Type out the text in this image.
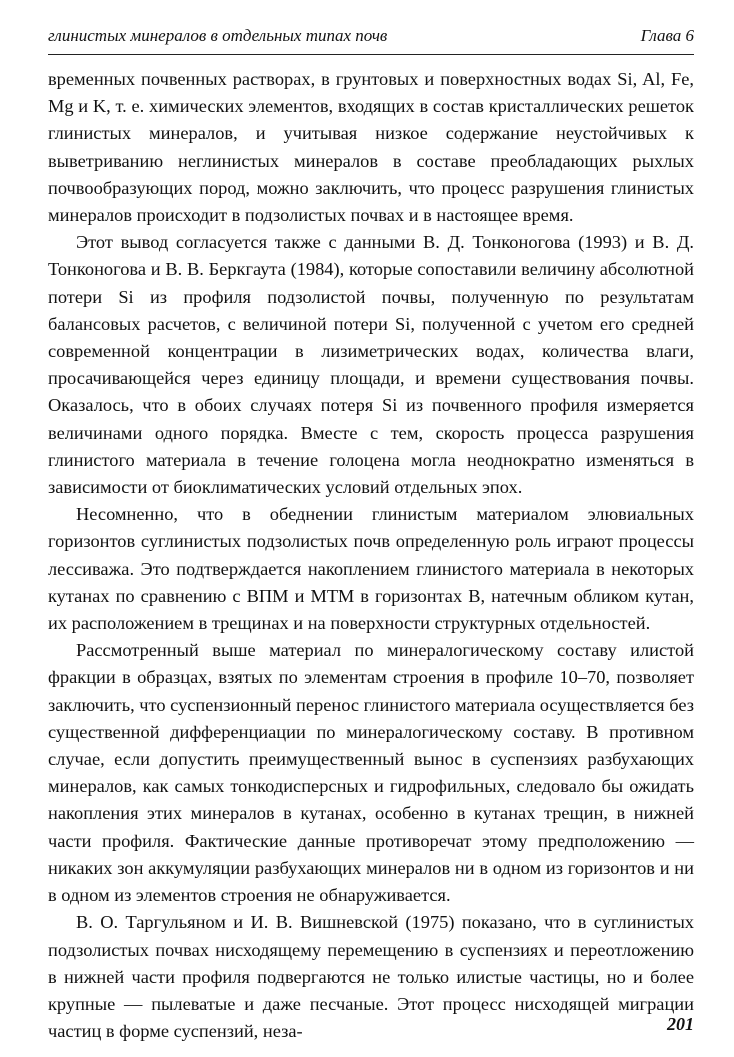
глинистых минералов в отдельных типах почв	Глава 6

временных почвенных растворах, в грунтовых и поверхностных водах Si, Al, Fe, Mg и K, т. е. химических элементов, входящих в состав кристаллических решеток глинистых минералов, и учитывая низкое содержание неустойчивых к выветриванию неглинистых минералов в составе преобладающих рыхлых почвообразующих пород, можно заключить, что процесс разрушения глинистых минералов происходит в подзолистых почвах и в настоящее время.

Этот вывод согласуется также с данными В. Д. Тонконогова (1993) и В. Д. Тонконогова и В. В. Беркгаута (1984), которые сопоставили величину абсолютной потери Si из профиля подзолистой почвы, полученную по результатам балансовых расчетов, с величиной потери Si, полученной с учетом его средней современной концентрации в лизиметрических водах, количества влаги, просачивающейся через единицу площади, и времени существования почвы. Оказалось, что в обоих случаях потеря Si из почвенного профиля измеряется величинами одного порядка. Вместе с тем, скорость процесса разрушения глинистого материала в течение голоцена могла неоднократно изменяться в зависимости от биоклиматических условий отдельных эпох.

Несомненно, что в обеднении глинистым материалом элювиальных горизонтов суглинистых подзолистых почв определенную роль играют процессы лессиважа. Это подтверждается накоплением глинистого материала в некоторых кутанах по сравнению с ВПМ и МТМ в горизонтах В, натечным обликом кутан, их расположением в трещинах и на поверхности структурных отдельностей.

Рассмотренный выше материал по минералогическому составу илистой фракции в образцах, взятых по элементам строения в профиле 10–70, позволяет заключить, что суспензионный перенос глинистого материала осуществляется без существенной дифференциации по минералогическому составу. В противном случае, если допустить преимущественный вынос в суспензиях разбухающих минералов, как самых тонкодисперсных и гидрофильных, следовало бы ожидать накопления этих минералов в кутанах, особенно в кутанах трещин, в нижней части профиля. Фактические данные противоречат этому предположению — никаких зон аккумуляции разбухающих минералов ни в одном из горизонтов и ни в одном из элементов строения не обнаруживается.

В. О. Таргульяном и И. В. Вишневской (1975) показано, что в суглинистых подзолистых почвах нисходящему перемещению в суспензиях и переотложению в нижней части профиля подвергаются не только илистые частицы, но и более крупные — пылеватые и даже песчаные. Этот процесс нисходящей миграции частиц в форме суспензий, неза-	201
